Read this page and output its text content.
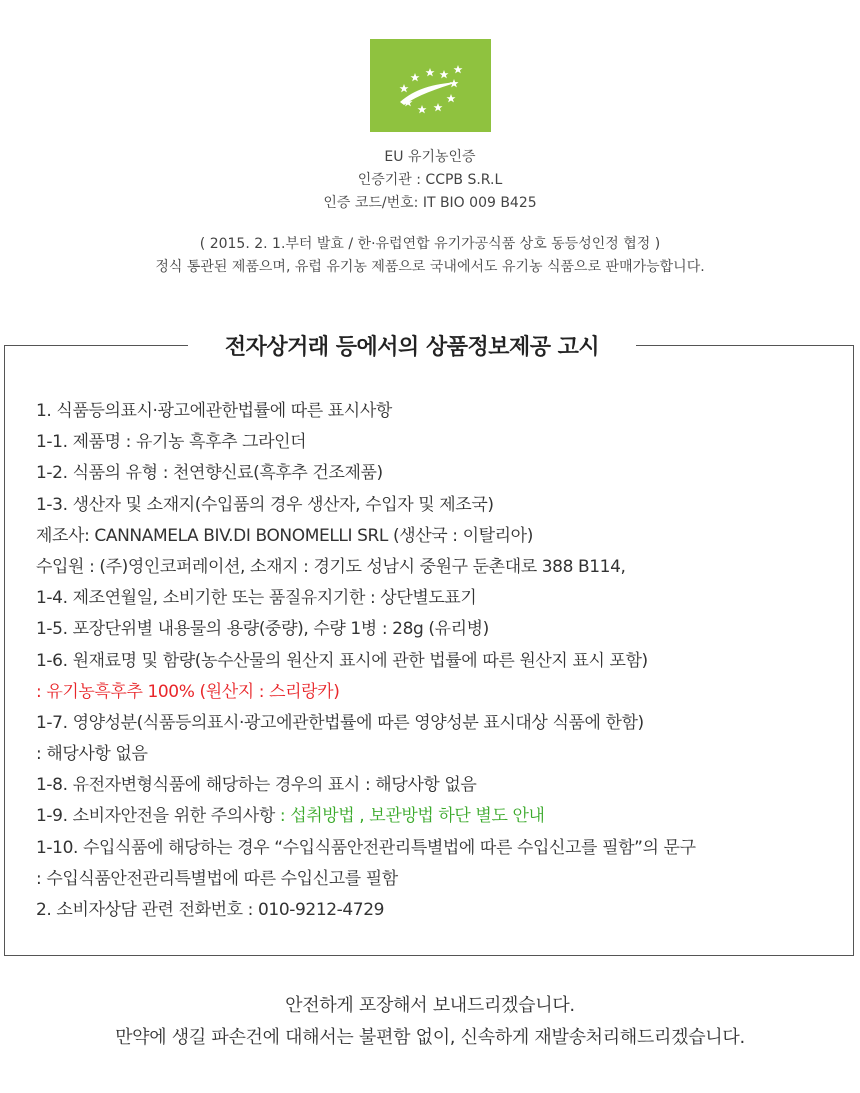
EU 유기농인증
인증기관 : CCPB S.R.L
인증 코드/번호: IT BIO 009 B425
( 2015. 2. 1.부터 발효 / 한·유럽연합 유기가공식품 상호 동등성인정 협정 )
정식 통관된 제품으며, 유럽 유기농 제품으로 국내에서도 유기농 식품으로 판매가능합니다.
전자상거래 등에서의 상품정보제공 고시
1. 식품등의표시·광고에관한법률에 따른 표시사항
1-1. 제품명 : 유기농 흑후추 그라인더
1-2. 식품의 유형 : 천연향신료(흑후추 건조제품)
1-3. 생산자 및 소재지(수입품의 경우 생산자, 수입자 및 제조국)
제조사: CANNAMELA BIV.DI BONOMELLI SRL (생산국 : 이탈리아)
수입원 : (주)영인코퍼레이션, 소재지 : 경기도 성남시 중원구 둔촌대로 388 B114,
1-4. 제조연월일, 소비기한 또는 품질유지기한 : 상단별도표기
1-5. 포장단위별 내용물의 용량(중량), 수량 1병 : 28g (유리병)
1-6. 원재료명 및 함량(농수산물의 원산지 표시에 관한 법률에 따른 원산지 표시 포함)
: 유기농흑후추 100% (원산지 : 스리랑카)
1-7. 영양성분(식품등의표시·광고에관한법률에 따른 영양성분 표시대상 식품에 한함)
: 해당사항 없음
1-8. 유전자변형식품에 해당하는 경우의 표시 : 해당사항 없음
1-9. 소비자안전을 위한 주의사항 : 섭취방법 , 보관방법 하단 별도 안내
1-10. 수입식품에 해당하는 경우 “수입식품안전관리특별법에 따른 수입신고를 필함”의 문구
: 수입식품안전관리특별법에 따른 수입신고를 필함
2. 소비자상담 관련 전화번호 : 010-9212-4729
안전하게 포장해서 보내드리겠습니다.
만약에 생길 파손건에 대해서는 불편함 없이, 신속하게 재발송처리해드리겠습니다.
